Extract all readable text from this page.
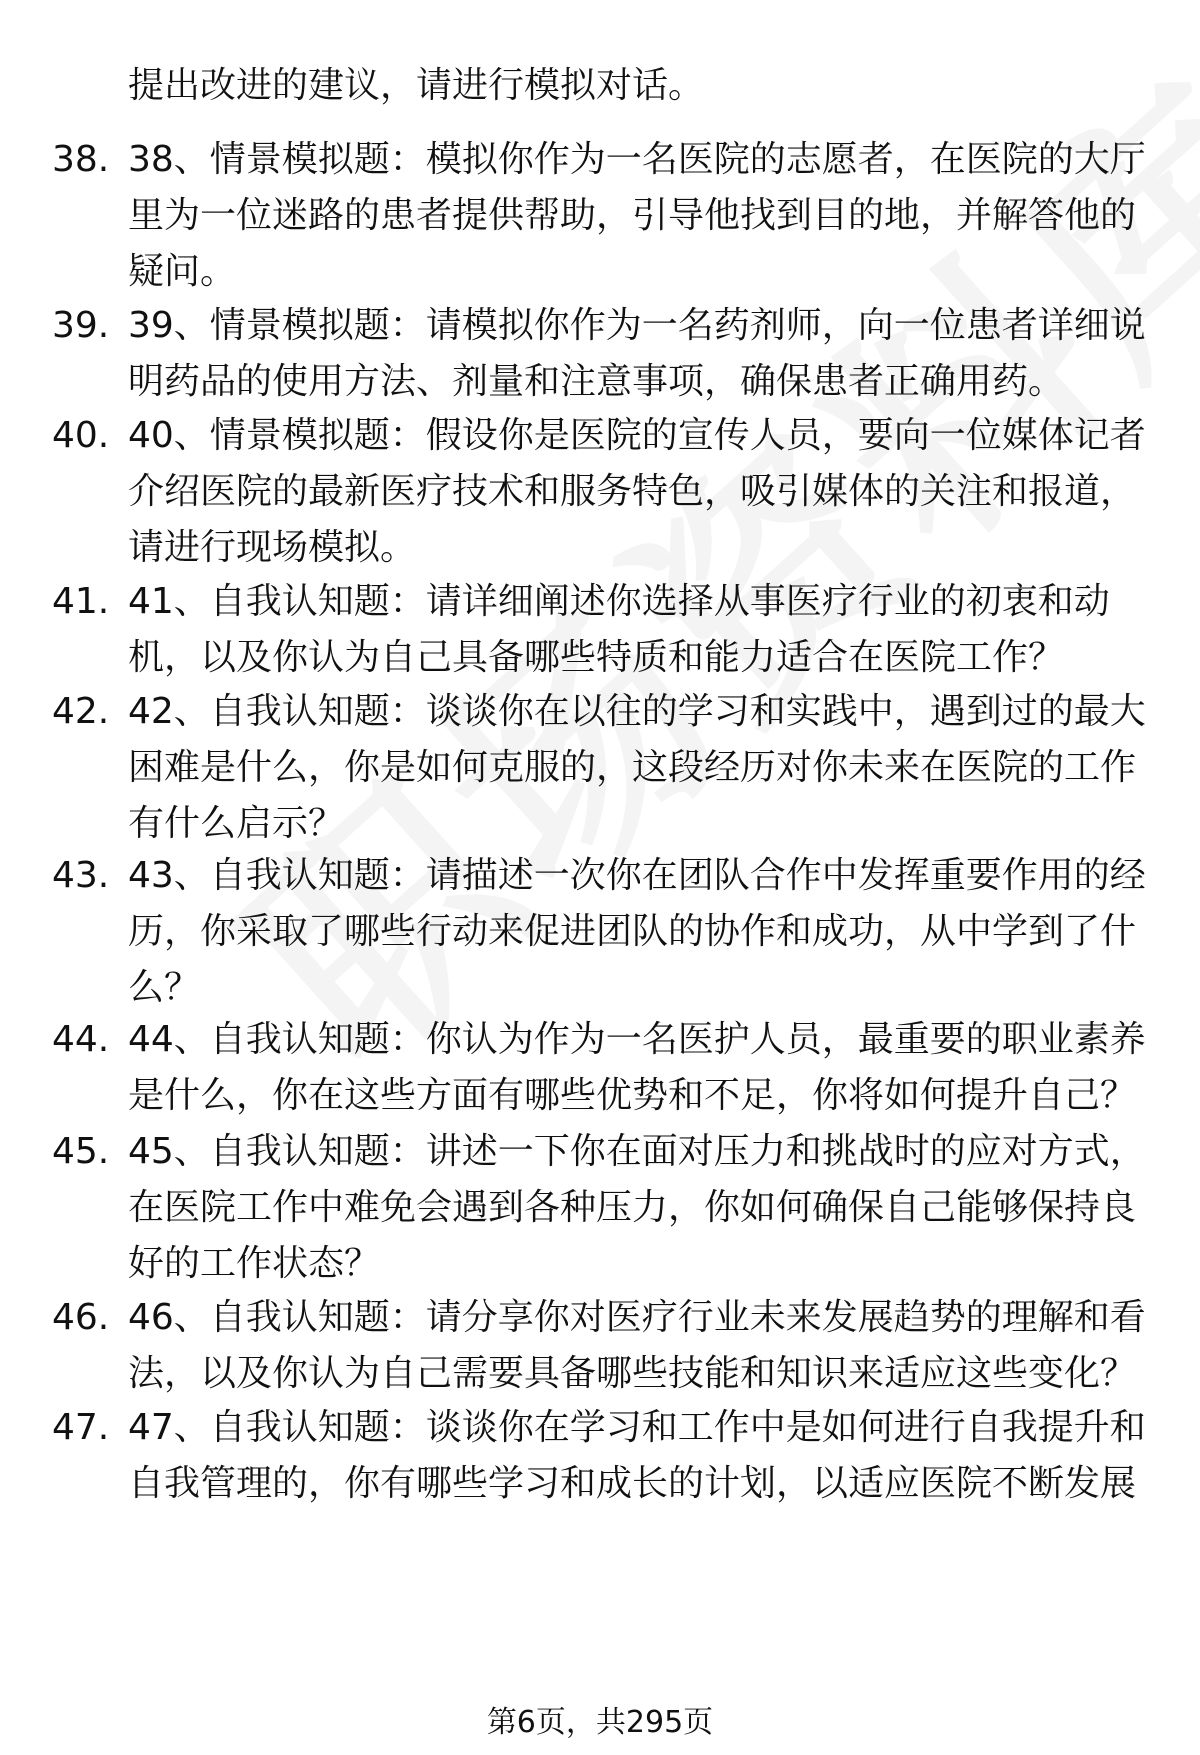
提出改进的建议，请进行模拟对话。
38. 38、情景模拟题：模拟你作为一名医院的志愿者，在医院的大厅
里为一位迷路的患者提供帮助，引导他找到目的地，并解答他的
疑问。
39. 39、情景模拟题：请模拟你作为一名药剂师，向一位患者详细说
明药品的使用方法、剂量和注意事项，确保患者正确用药。
40. 40、情景模拟题：假设你是医院的宣传人员，要向一位媒体记者
介绍医院的最新医疗技术和服务特色，吸引媒体的关注和报道，
请进行现场模拟。
41. 41、自我认知题：请详细阐述你选择从事医疗行业的初衷和动
机，以及你认为自己具备哪些特质和能力适合在医院工作？
42. 42、自我认知题：谈谈你在以往的学习和实践中，遇到过的最大
困难是什么，你是如何克服的，这段经历对你未来在医院的工作
有什么启示？
43. 43、自我认知题：请描述一次你在团队合作中发挥重要作用的经
历，你采取了哪些行动来促进团队的协作和成功，从中学到了什
么？
44. 44、自我认知题：你认为作为一名医护人员，最重要的职业素养
是什么，你在这些方面有哪些优势和不足，你将如何提升自己？
45. 45、自我认知题：讲述一下你在面对压力和挑战时的应对方式，
在医院工作中难免会遇到各种压力，你如何确保自己能够保持良
好的工作状态？
46. 46、自我认知题：请分享你对医疗行业未来发展趋势的理解和看
法，以及你认为自己需要具备哪些技能和知识来适应这些变化？
47. 47、自我认知题：谈谈你在学习和工作中是如何进行自我提升和
自我管理的，你有哪些学习和成长的计划，以适应医院不断发展
第6页，共295页
